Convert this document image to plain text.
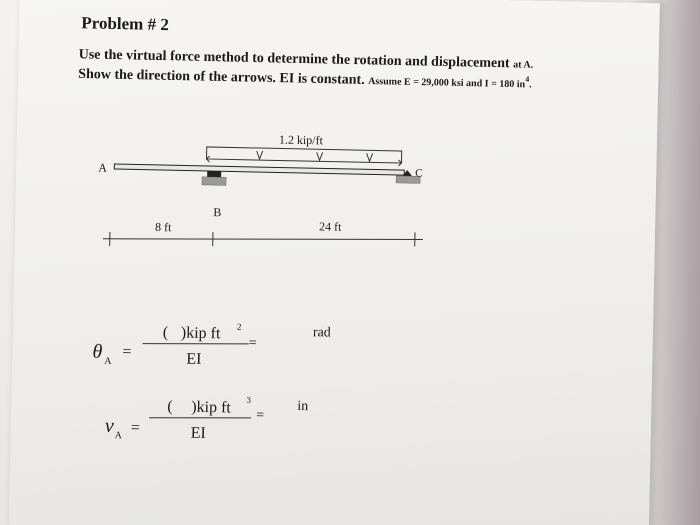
Problem # 2
Use the virtual force method to determine the rotation and displacement at A.
Show the direction of the arrows. EI is constant. Assume E = 29,000 ksi and I = 180 $in^4$.
1.2 kip/ft
A
B
C
8 ft	24 ft
θ A
=
( )kip ft 2
EI
=
rad
v A =
( )kip ft 3
EI
=
in
